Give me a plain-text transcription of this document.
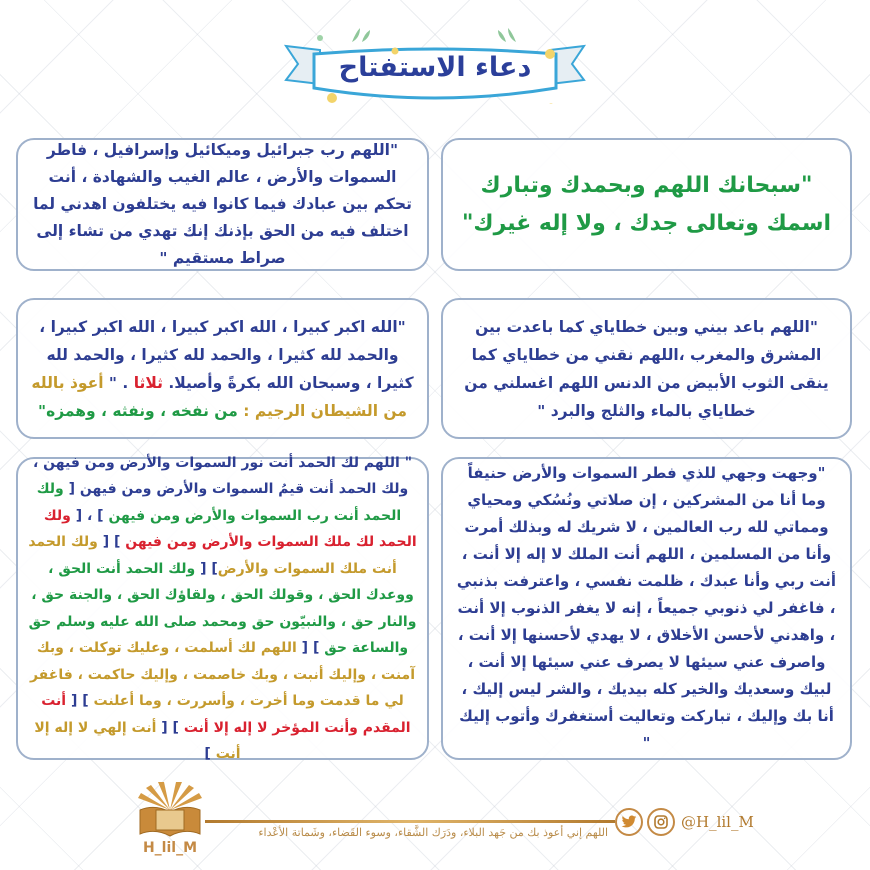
دعاء الاستفتاح

"سبحانك اللهم وبحمدك وتبارك اسمك وتعالى جدك ، ولا إله غيرك"

"اللهم رب جبرائيل وميكائيل وإسرافيل ، فاطر السموات والأرض ، عالم الغيب والشهادة ، أنت تحكم بين عبادك فيما كانوا فيه يختلفون اهدني لما اختلف فيه من الحق بإذنك إنك تهدي من تشاء إلى صراط مستقيم "

"اللهم باعد بيني وبين خطاياي كما باعدت بين المشرق والمغرب ،اللهم نقني من خطاياي كما ينقى الثوب الأبيض من الدنس اللهم اغسلني من خطاياي بالماء والثلج والبرد "

"الله اكبر كبيرا ، الله اكبر كبيرا ، الله اكبر كبيرا ، والحمد لله كثيرا ، والحمد لله كثيرا ، والحمد لله كثيرا ، وسبحان الله بكرةً وأصيلا. ثلاثا . " أعوذ بالله من الشيطان الرجيم : من نفخه ، ونفثه ، وهمزه"

"وجهت وجهي للذي فطر السموات والأرض حنيفاً وما أنا من المشركين ، إن صلاتي ونُسُكي ومحياي ومماتي لله رب العالمين ، لا شريك له وبذلك أمرت وأنا من المسلمين ، اللهم أنت الملك لا إله إلا أنت ، أنت ربي وأنا عبدك ، ظلمت نفسي ، واعترفت بذنبي ، فاغفر لي ذنوبي جميعاً ، إنه لا يغفر الذنوب إلا أنت ، واهدني لأحسن الأخلاق ، لا يهدي لأحسنها إلا أنت ، واصرف عني سيئها لا يصرف عني سيئها إلا أنت ، لبيك وسعديك والخير كله بيديك ، والشر ليس إليك ، أنا بك وإليك ، تباركت وتعاليت أستغفرك وأتوب إليك "

" اللهم لك الحمد أنت نور السموات والأرض ومن فيهن ، ولك الحمد أنت قيمُ السموات والأرض ومن فيهن [ ولك الحمد أنت رب السموات والأرض ومن فيهن ] ، [ ولك الحمد لك ملك السموات والأرض ومن فيهن ] [ ولك الحمد أنت ملك السموات والأرض] [ ولك الحمد أنت الحق ، ووعدك الحق ، وقولك الحق ، ولقاؤك الحق ، والجنة حق ، والنار حق ، والنبيّون حق ومحمد صلى الله عليه وسلم حق والساعة حق ] [ اللهم لك أسلمت ، وعليك توكلت ، وبك آمنت ، وإليك أنبت ، وبك خاصمت ، وإليك حاكمت ، فاغفر لي ما قدمت وما أخرت ، وأسررت ، وما أعلنت ] [ أنت المقدم وأنت المؤخر لا إله إلا أنت ] [ أنت إلهي لا إله إلا أنت ]

H_lil_M
اللهم إني أعوذ بك من جَهد البلاء، ودَرَك الشَّقاء، وسوء القَضاء، وشَماتة الأعْداء
@H_lil_M
